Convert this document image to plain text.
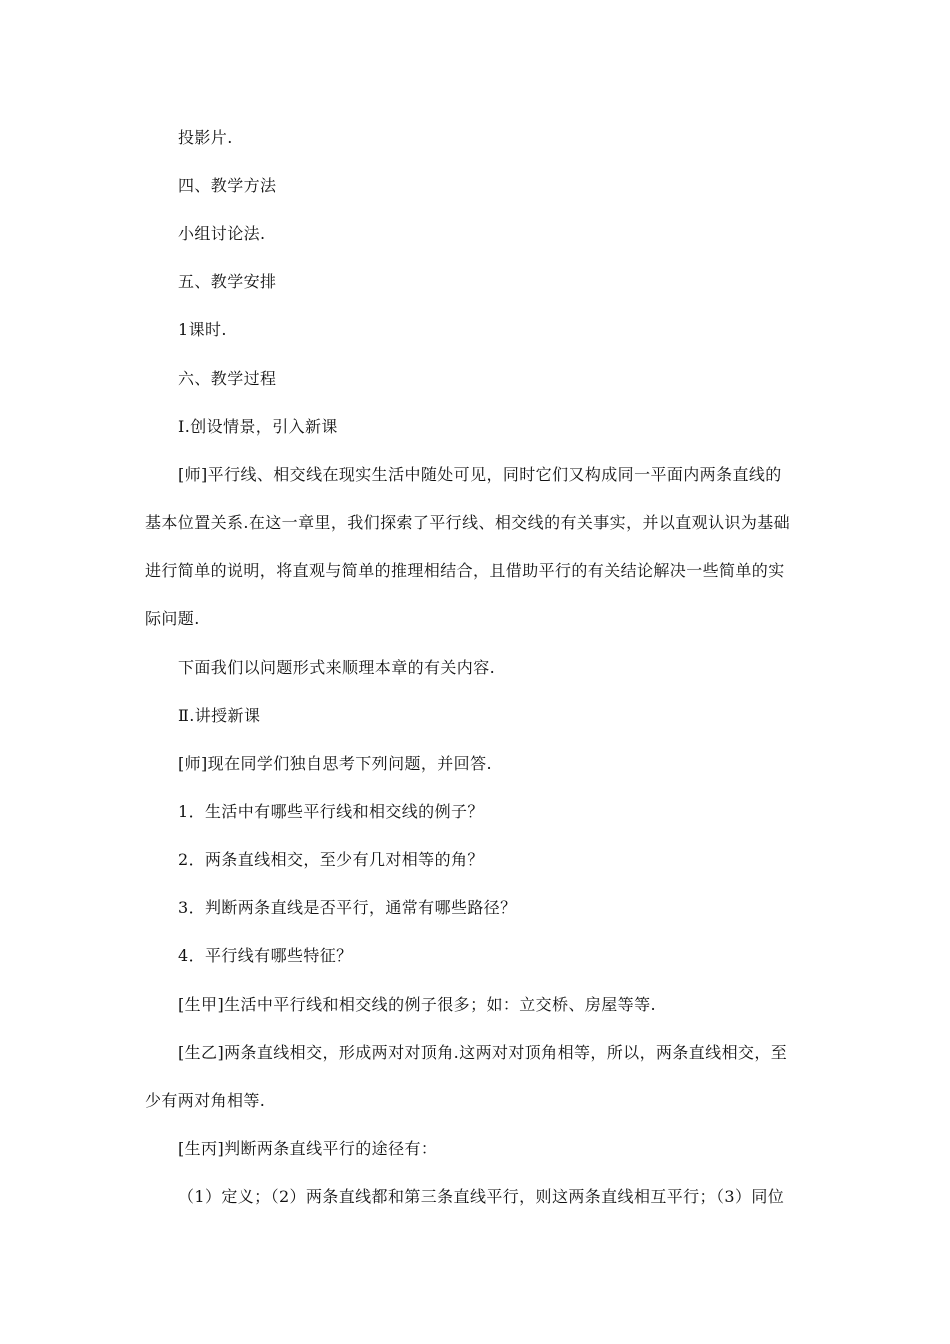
投影片.
四、教学方法
小组讨论法.
五、教学安排
1课时.
六、教学过程
Ⅰ.创设情景，引入新课
[师]平行线、相交线在现实生活中随处可见，同时它们又构成同一平面内两条直线的
基本位置关系.在这一章里，我们探索了平行线、相交线的有关事实，并以直观认识为基础
进行简单的说明，将直观与简单的推理相结合，且借助平行的有关结论解决一些简单的实
际问题.
下面我们以问题形式来顺理本章的有关内容.
Ⅱ.讲授新课
[师]现在同学们独自思考下列问题，并回答.
1．生活中有哪些平行线和相交线的例子？
2．两条直线相交，至少有几对相等的角？
3．判断两条直线是否平行，通常有哪些路径？
4．平行线有哪些特征？
[生甲]生活中平行线和相交线的例子很多；如：立交桥、房屋等等.
[生乙]两条直线相交，形成两对对顶角.这两对对顶角相等，所以，两条直线相交，至
少有两对角相等.
[生丙]判断两条直线平行的途径有：
（1）定义；（2）两条直线都和第三条直线平行，则这两条直线相互平行；（3）同位
